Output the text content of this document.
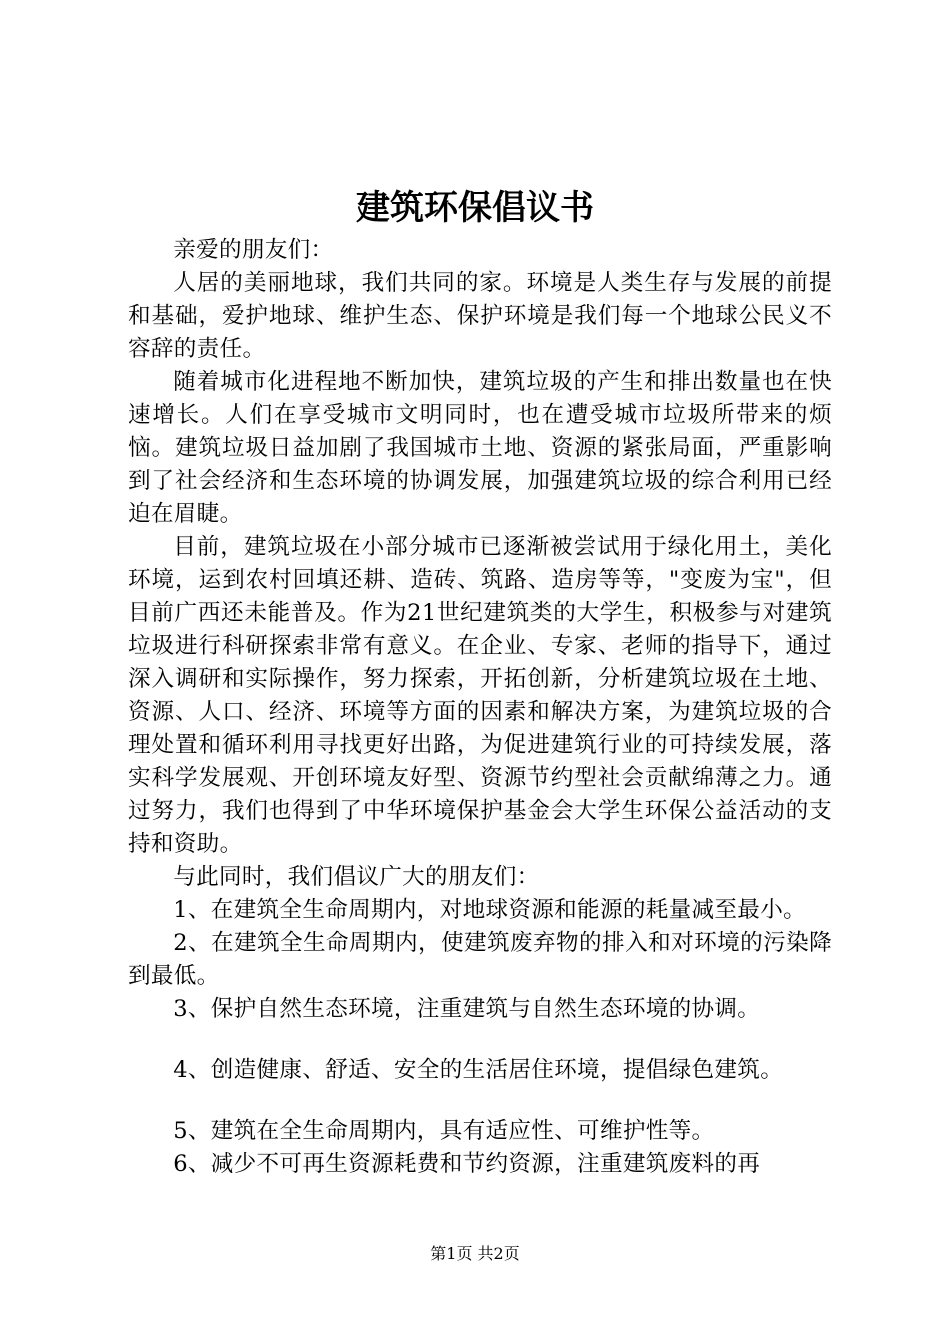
建筑环保倡议书

亲爱的朋友们：

人居的美丽地球，我们共同的家。环境是人类生存与发展的前提和基础，爱护地球、维护生态、保护环境是我们每一个地球公民义不容辞的责任。

随着城市化进程地不断加快，建筑垃圾的产生和排出数量也在快速增长。人们在享受城市文明同时，也在遭受城市垃圾所带来的烦恼。建筑垃圾日益加剧了我国城市土地、资源的紧张局面，严重影响到了社会经济和生态环境的协调发展，加强建筑垃圾的综合利用已经迫在眉睫。

目前，建筑垃圾在小部分城市已逐渐被尝试用于绿化用土，美化环境，运到农村回填还耕、造砖、筑路、造房等等，"变废为宝"，但目前广西还未能普及。作为21世纪建筑类的大学生，积极参与对建筑垃圾进行科研探索非常有意义。在企业、专家、老师的指导下，通过深入调研和实际操作，努力探索，开拓创新，分析建筑垃圾在土地、资源、人口、经济、环境等方面的因素和解决方案，为建筑垃圾的合理处置和循环利用寻找更好出路，为促进建筑行业的可持续发展，落实科学发展观、开创环境友好型、资源节约型社会贡献绵薄之力。通过努力，我们也得到了中华环境保护基金会大学生环保公益活动的支持和资助。

与此同时，我们倡议广大的朋友们：

1、在建筑全生命周期内，对地球资源和能源的耗量减至最小。

2、在建筑全生命周期内，使建筑废弃物的排入和对环境的污染降到最低。

3、保护自然生态环境，注重建筑与自然生态环境的协调。

4、创造健康、舒适、安全的生活居住环境，提倡绿色建筑。

5、建筑在全生命周期内，具有适应性、可维护性等。

6、减少不可再生资源耗费和节约资源，注重建筑废料的再

第1页 共2页
